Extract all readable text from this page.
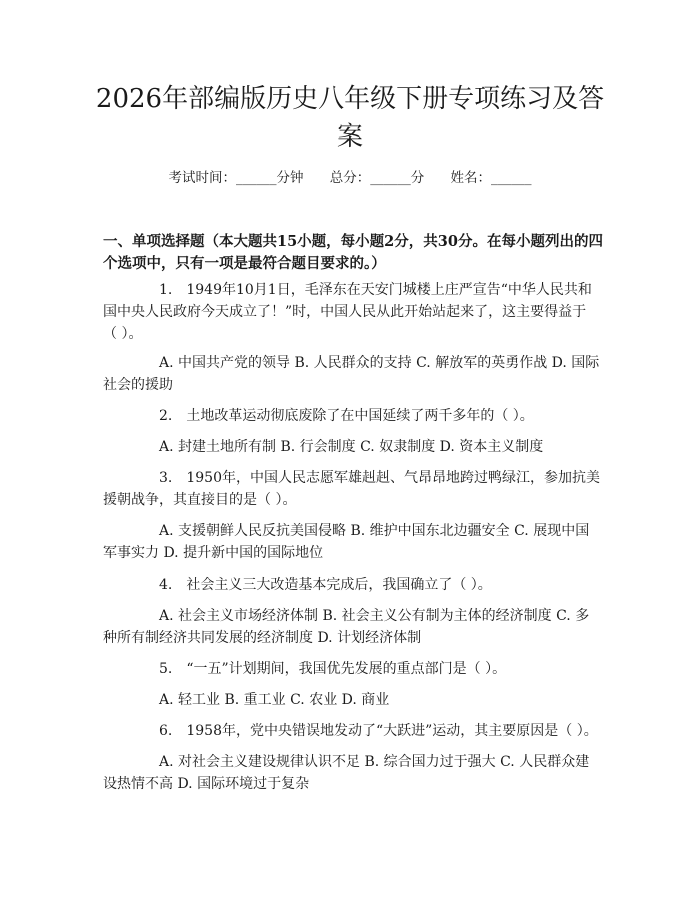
2026年部编版历史八年级下册专项练习及答案
考试时间：______分钟 总分：______分 姓名：______
一、单项选择题（本大题共15小题，每小题2分，共30分。在每小题列出的四个选项中，只有一项是最符合题目要求的。）
1. 1949年10月1日，毛泽东在天安门城楼上庄严宣告“中华人民共和国中央人民政府今天成立了！”时，中国人民从此开始站起来了，这主要得益于（ ）。
A. 中国共产党的领导 B. 人民群众的支持 C. 解放军的英勇作战 D. 国际社会的援助
2. 土地改革运动彻底废除了在中国延续了两千多年的（ ）。
A. 封建土地所有制 B. 行会制度 C. 奴隶制度 D. 资本主义制度
3. 1950年，中国人民志愿军雄赳赳、气昂昂地跨过鸭绿江，参加抗美援朝战争，其直接目的是（ ）。
A. 支援朝鲜人民反抗美国侵略 B. 维护中国东北边疆安全 C. 展现中国军事实力 D. 提升新中国的国际地位
4. 社会主义三大改造基本完成后，我国确立了（ ）。
A. 社会主义市场经济体制 B. 社会主义公有制为主体的经济制度 C. 多种所有制经济共同发展的经济制度 D. 计划经济体制
5. “一五”计划期间，我国优先发展的重点部门是（ ）。
A. 轻工业 B. 重工业 C. 农业 D. 商业
6. 1958年，党中央错误地发动了“大跃进”运动，其主要原因是（ ）。
A. 对社会主义建设规律认识不足 B. 综合国力过于强大 C. 人民群众建设热情不高 D. 国际环境过于复杂
